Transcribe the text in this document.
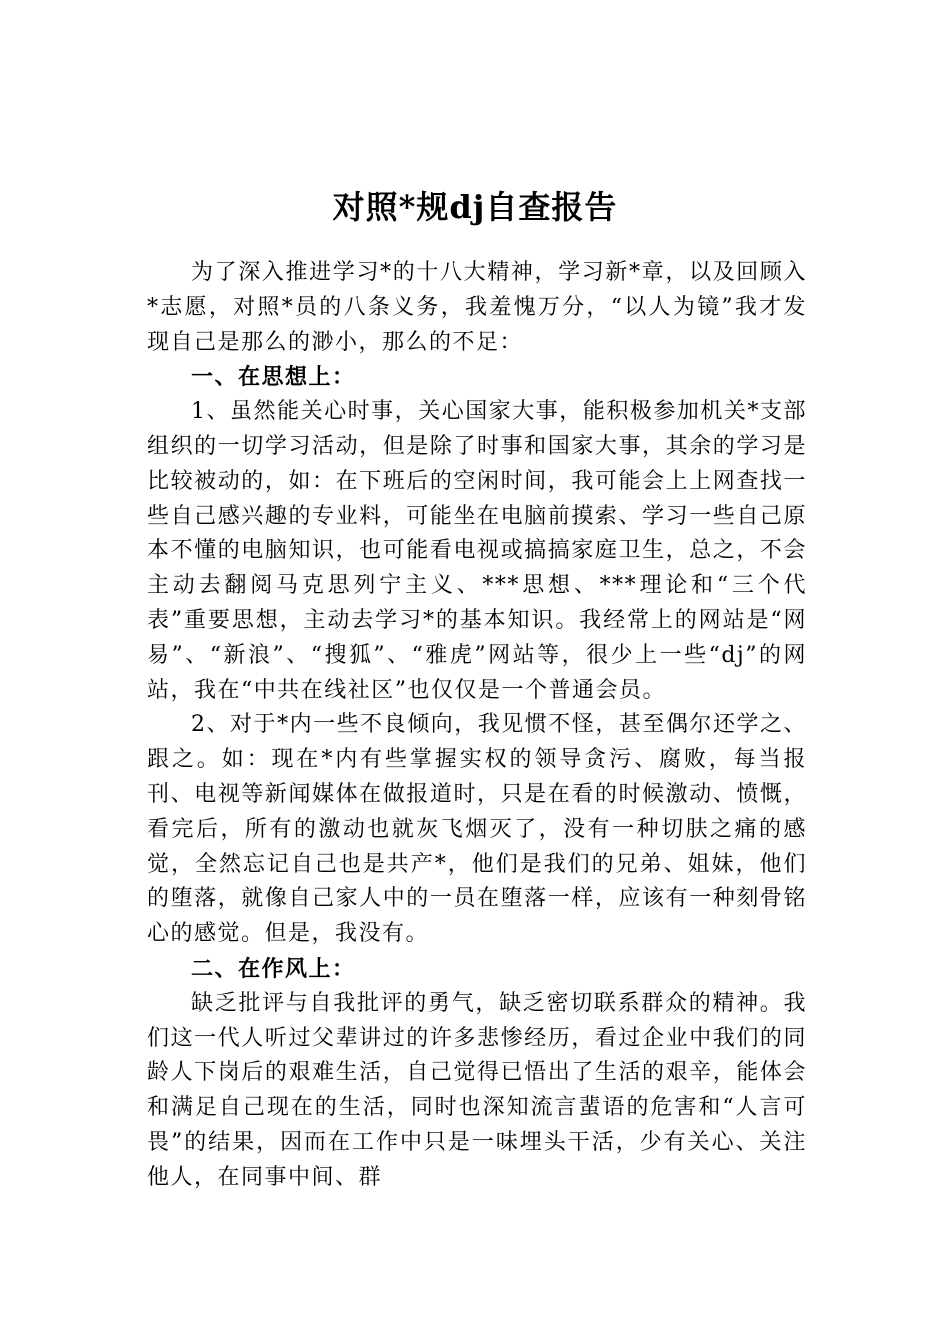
对照*规dj自查报告

为了深入推进学习*的十八大精神，学习新*章，以及回顾入*志愿，对照*员的八条义务，我羞愧万分，“以人为镜”我才发现自己是那么的渺小，那么的不足：

一、在思想上：

1、虽然能关心时事，关心国家大事，能积极参加机关*支部组织的一切学习活动，但是除了时事和国家大事，其余的学习是比较被动的，如：在下班后的空闲时间，我可能会上上网查找一些自己感兴趣的专业料，可能坐在电脑前摸索、学习一些自己原本不懂的电脑知识，也可能看电视或搞搞家庭卫生，总之，不会主动去翻阅马克思列宁主义、***思想、***理论和“三个代表”重要思想，主动去学习*的基本知识。我经常上的网站是“网易”、“新浪”、“搜狐”、“雅虎”网站等，很少上一些“dj”的网站，我在“中共在线社区”也仅仅是一个普通会员。

2、对于*内一些不良倾向，我见惯不怪，甚至偶尔还学之、跟之。如：现在*内有些掌握实权的领导贪污、腐败，每当报刊、电视等新闻媒体在做报道时，只是在看的时候激动、愤慨，看完后，所有的激动也就灰飞烟灭了，没有一种切肤之痛的感觉，全然忘记自己也是共产*，他们是我们的兄弟、姐妹，他们的堕落，就像自己家人中的一员在堕落一样，应该有一种刻骨铭心的感觉。但是，我没有。

二、在作风上：

缺乏批评与自我批评的勇气，缺乏密切联系群众的精神。我们这一代人听过父辈讲过的许多悲惨经历，看过企业中我们的同龄人下岗后的艰难生活，自己觉得已悟出了生活的艰辛，能体会和满足自己现在的生活，同时也深知流言蜚语的危害和“人言可畏”的结果，因而在工作中只是一味埋头干活，少有关心、关注他人，在同事中间、群
